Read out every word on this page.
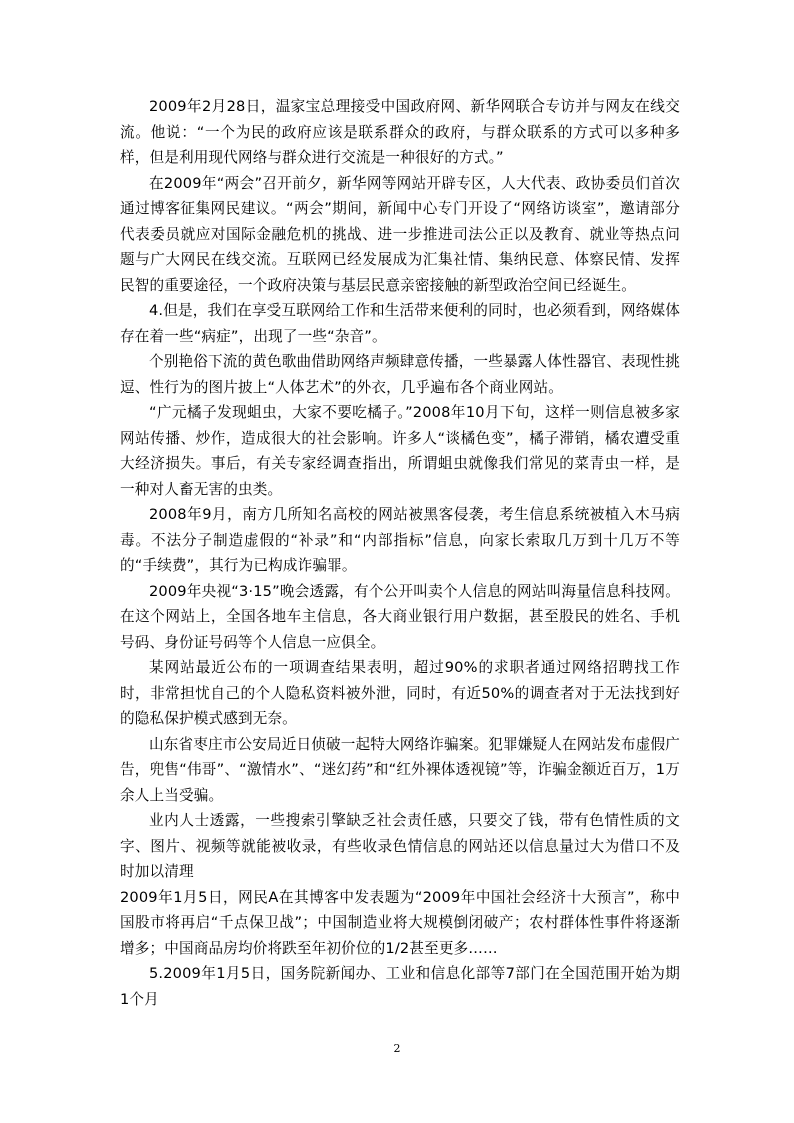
2009年2月28日，温家宝总理接受中国政府网、新华网联合专访并与网友在线交流。他说：“一个为民的政府应该是联系群众的政府，与群众联系的方式可以多种多样，但是利用现代网络与群众进行交流是一种很好的方式。”

在2009年“两会”召开前夕，新华网等网站开辟专区，人大代表、政协委员们首次通过博客征集网民建议。“两会”期间，新闻中心专门开设了“网络访谈室”，邀请部分代表委员就应对国际金融危机的挑战、进一步推进司法公正以及教育、就业等热点问题与广大网民在线交流。互联网已经发展成为汇集社情、集纳民意、体察民情、发挥民智的重要途径，一个政府决策与基层民意亲密接触的新型政治空间已经诞生。

4.但是，我们在享受互联网给工作和生活带来便利的同时，也必须看到，网络媒体存在着一些“病症”，出现了一些“杂音”。

个别艳俗下流的黄色歌曲借助网络声频肆意传播，一些暴露人体性器官、表现性挑逗、性行为的图片披上“人体艺术”的外衣，几乎遍布各个商业网站。

“广元橘子发现蛆虫，大家不要吃橘子。”2008年10月下旬，这样一则信息被多家网站传播、炒作，造成很大的社会影响。许多人“谈橘色变”，橘子滞销，橘农遭受重大经济损失。事后，有关专家经调查指出，所谓蛆虫就像我们常见的菜青虫一样，是一种对人畜无害的虫类。

2008年9月，南方几所知名高校的网站被黑客侵袭，考生信息系统被植入木马病毒。不法分子制造虚假的“补录”和“内部指标”信息，向家长索取几万到十几万不等的“手续费”，其行为已构成诈骗罪。

2009年央视“3·15”晚会透露，有个公开叫卖个人信息的网站叫海量信息科技网。在这个网站上，全国各地车主信息，各大商业银行用户数据，甚至股民的姓名、手机号码、身份证号码等个人信息一应俱全。

某网站最近公布的一项调查结果表明，超过90%的求职者通过网络招聘找工作时，非常担忧自己的个人隐私资料被外泄，同时，有近50%的调查者对于无法找到好的隐私保护模式感到无奈。

山东省枣庄市公安局近日侦破一起特大网络诈骗案。犯罪嫌疑人在网站发布虚假广告，兜售“伟哥”、“激情水”、“迷幻药”和“红外裸体透视镜”等，诈骗金额近百万，1万余人上当受骗。

业内人士透露，一些搜索引擎缺乏社会责任感，只要交了钱，带有色情性质的文字、图片、视频等就能被收录，有些收录色情信息的网站还以信息量过大为借口不及时加以清理

2009年1月5日，网民A在其博客中发表题为“2009年中国社会经济十大预言”，称中国股市将再启“千点保卫战”；中国制造业将大规模倒闭破产；农村群体性事件将逐渐增多；中国商品房均价将跌至年初价位的1/2甚至更多……

5.2009年1月5日，国务院新闻办、工业和信息化部等7部门在全国范围开始为期1个月

2
